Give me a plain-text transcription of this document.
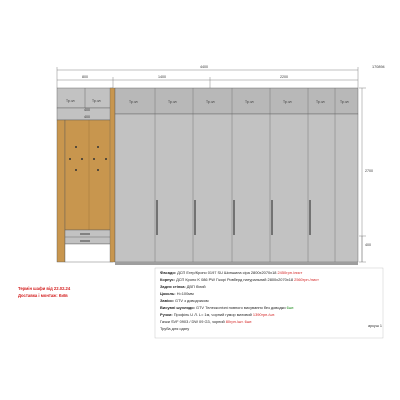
4400
800	1400	2200
2700
400
400
400
170894
Тр.чл	Тр.чл	Тр.чл	Тр.чл	Тр.чл	Тр.чл	Тр.чл	Тр.чл	Тр.чл
Термін шафи від 22.02.24
Доставка і монтаж: Київ
Фасади: ДСП Егер/Кроно 0197 SU Шиншила сіра 2800х2070х18 2450грн./лист
Корпус: ДСП Кроно K 086 PW Гікорі Ровберд натуральний 2800х2070х18 2560грн./лист
Задня стінка: ДВП білий
Цоколь: H=100мм
Завіси: GTV з доводчиком
Висувні шухляди: GTV Телескопічні повного висування без доводки 6шт.
Ручки: Профіль U Л. L= 1м, чорний гумор матовий 1390грн./шт.
Гачки SVF 0903 / DW 09 G3, чорний 80грн./шт. 6шт.
Труба для одягу	аркуш 1
